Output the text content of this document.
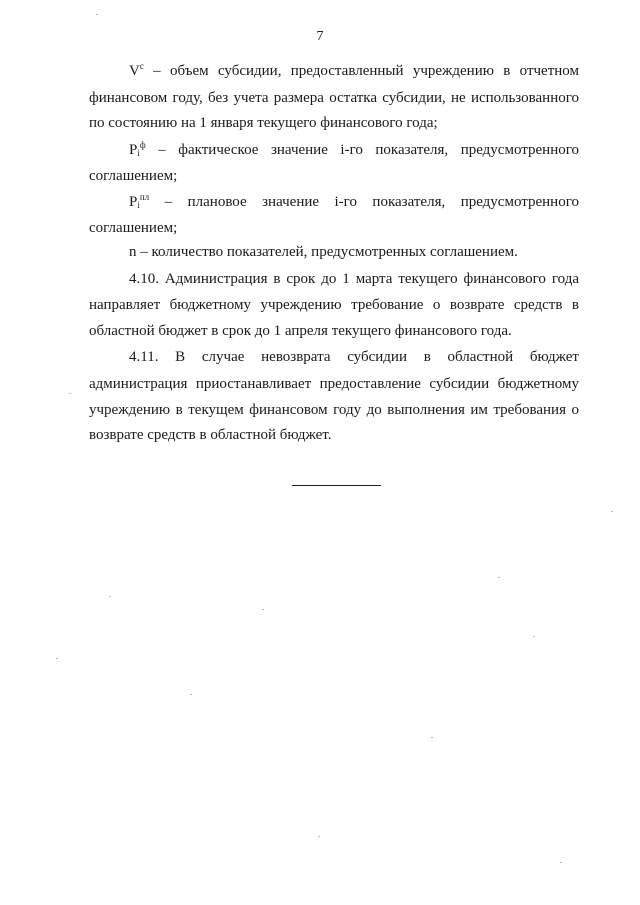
7
$V^c$ – объем субсидии, предоставленный учреждению в отчетном
финансовом году, без учета размера остатка субсидии, не использованного
по состоянию на 1 января текущего финансового года;
$P_i^ф$ – фактическое значение i-го показателя, предусмотренного
соглашением;
$P_i^{пл}$ – плановое значение i-го показателя, предусмотренного
соглашением;
n – количество показателей, предусмотренных соглашением.
4.10. Администрация в срок до 1 марта текущего финансового года
направляет бюджетному учреждению требование о возврате средств в
областной бюджет в срок до 1 апреля текущего финансового года.
4.11. В случае невозврата субсидии в областной бюджет
администрация приостанавливает предоставление субсидии бюджетному
учреждению в текущем финансовом году до выполнения им требования о
возврате средств в областной бюджет.
